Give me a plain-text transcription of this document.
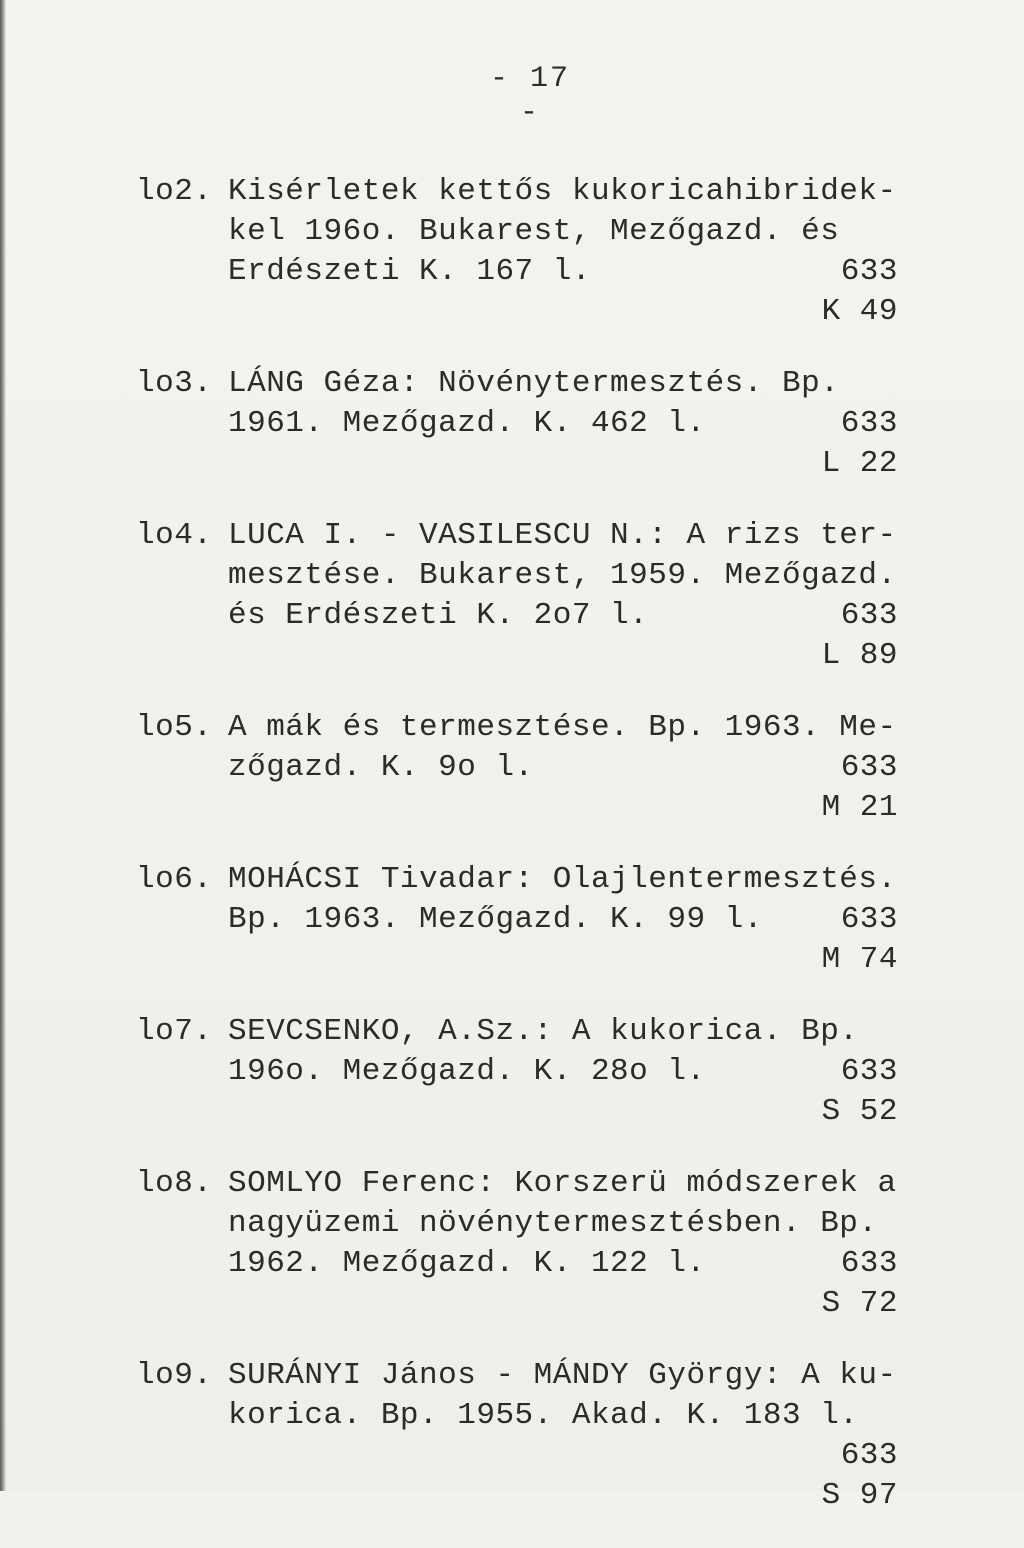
- 17 -
lo2. Kisérletek kettős kukoricahibridek-
kel 196o. Bukarest, Mezőgazd. és
Erdészeti K. 167 l.	633
K 49
lo3. LÁNG Géza: Növénytermesztés. Bp.
1961. Mezőgazd. K. 462 l.	633
L 22
lo4. LUCA I. - VASILESCU N.: A rizs ter-
mesztése. Bukarest, 1959. Mezőgazd.
és Erdészeti K. 2o7 l.	633
L 89
lo5. A mák és termesztése. Bp. 1963. Me-
zőgazd. K. 9o l.	633
M 21
lo6. MOHÁCSI Tivadar: Olajlentermesztés.
Bp. 1963. Mezőgazd. K. 99 l.	633
M 74
lo7. SEVCSENKO, A.Sz.: A kukorica. Bp.
196o. Mezőgazd. K. 28o l.	633
S 52
lo8. SOMLYO Ferenc: Korszerü módszerek a
nagyüzemi növénytermesztésben. Bp.
1962. Mezőgazd. K. 122 l.	633
S 72
lo9. SURÁNYI János - MÁNDY György: A ku-
korica. Bp. 1955. Akad. K. 183 l.
633
S 97
